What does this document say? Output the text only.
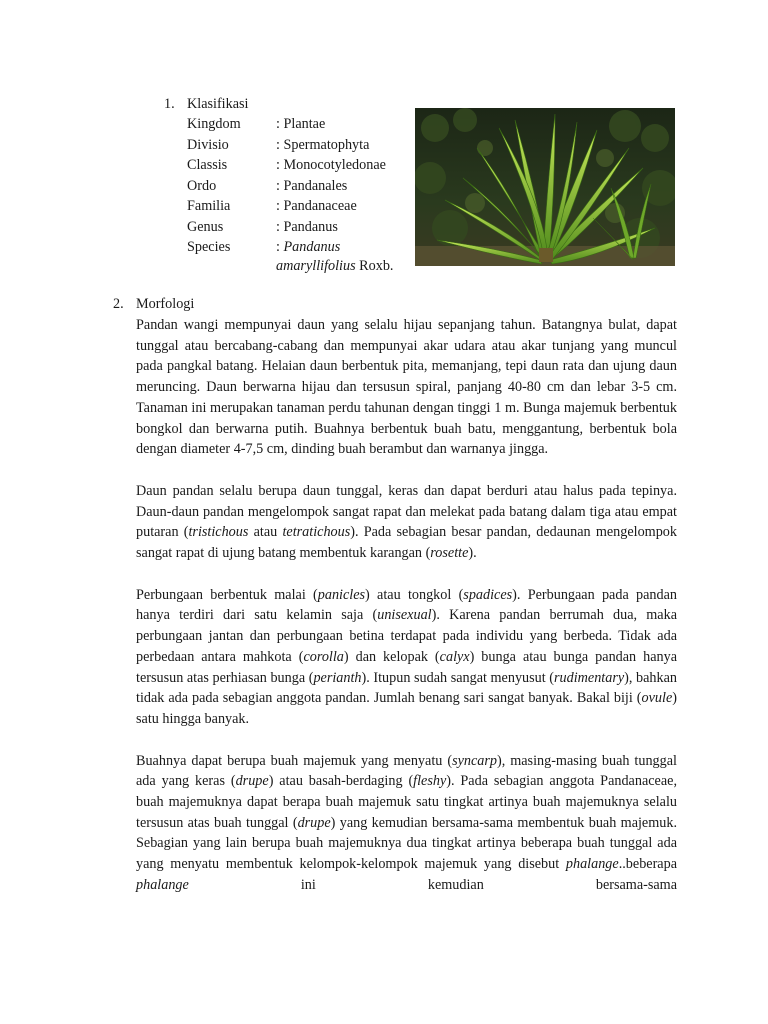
1. Klasifikasi
Kingdom	: Plantae
Divisio	: Spermatophyta
Classis	: Monocotyledonae
Ordo	: Pandanales
Familia	: Pandanaceae
Genus	: Pandanus
Species	: Pandanus
amaryllifolius Roxb.
2. Morfologi

Pandan wangi mempunyai daun yang selalu hijau sepanjang tahun. Batangnya bulat, dapat tunggal atau bercabang-cabang dan mempunyai akar udara atau akar tunjang yang muncul pada pangkal batang. Helaian daun berbentuk pita, memanjang, tepi daun rata dan ujung daun meruncing. Daun berwarna hijau dan tersusun spiral, panjang 40-80 cm dan lebar 3-5 cm. Tanaman ini merupakan tanaman perdu tahunan dengan tinggi 1 m. Bunga majemuk berbentuk bongkol dan berwarna putih. Buahnya berbentuk buah batu, menggantung, berbentuk bola dengan diameter 4-7,5 cm, dinding buah berambut dan warnanya jingga.

Daun pandan selalu berupa daun tunggal, keras dan dapat berduri atau halus pada tepinya. Daun-daun pandan mengelompok sangat rapat dan melekat pada batang dalam tiga atau empat putaran (tristichous atau tetratichous). Pada sebagian besar pandan, dedaunan mengelompok sangat rapat di ujung batang membentuk karangan (rosette).

Perbungaan berbentuk malai (panicles) atau tongkol (spadices). Perbungaan pada pandan hanya terdiri dari satu kelamin saja (unisexual). Karena pandan berrumah dua, maka perbungaan jantan dan perbungaan betina terdapat pada individu yang berbeda. Tidak ada perbedaan antara mahkota (corolla) dan kelopak (calyx) bunga atau bunga pandan hanya tersusun atas perhiasan bunga (perianth). Itupun sudah sangat menyusut (rudimentary), bahkan tidak ada pada sebagian anggota pandan. Jumlah benang sari sangat banyak. Bakal biji (ovule) satu hingga banyak.

Buahnya dapat berupa buah majemuk yang menyatu (syncarp), masing-masing buah tunggal ada yang keras (drupe) atau basah-berdaging (fleshy). Pada sebagian anggota Pandanaceae, buah majemuknya dapat berapa buah majemuk satu tingkat artinya buah majemuknya selalu tersusun atas buah tunggal (drupe) yang kemudian bersama-sama membentuk buah majemuk. Sebagian yang lain berupa buah majemuknya dua tingkat artinya beberapa buah tunggal ada yang menyatu membentuk kelompok-kelompok majemuk yang disebut phalange..beberapa phalange ini kemudian bersama-sama
